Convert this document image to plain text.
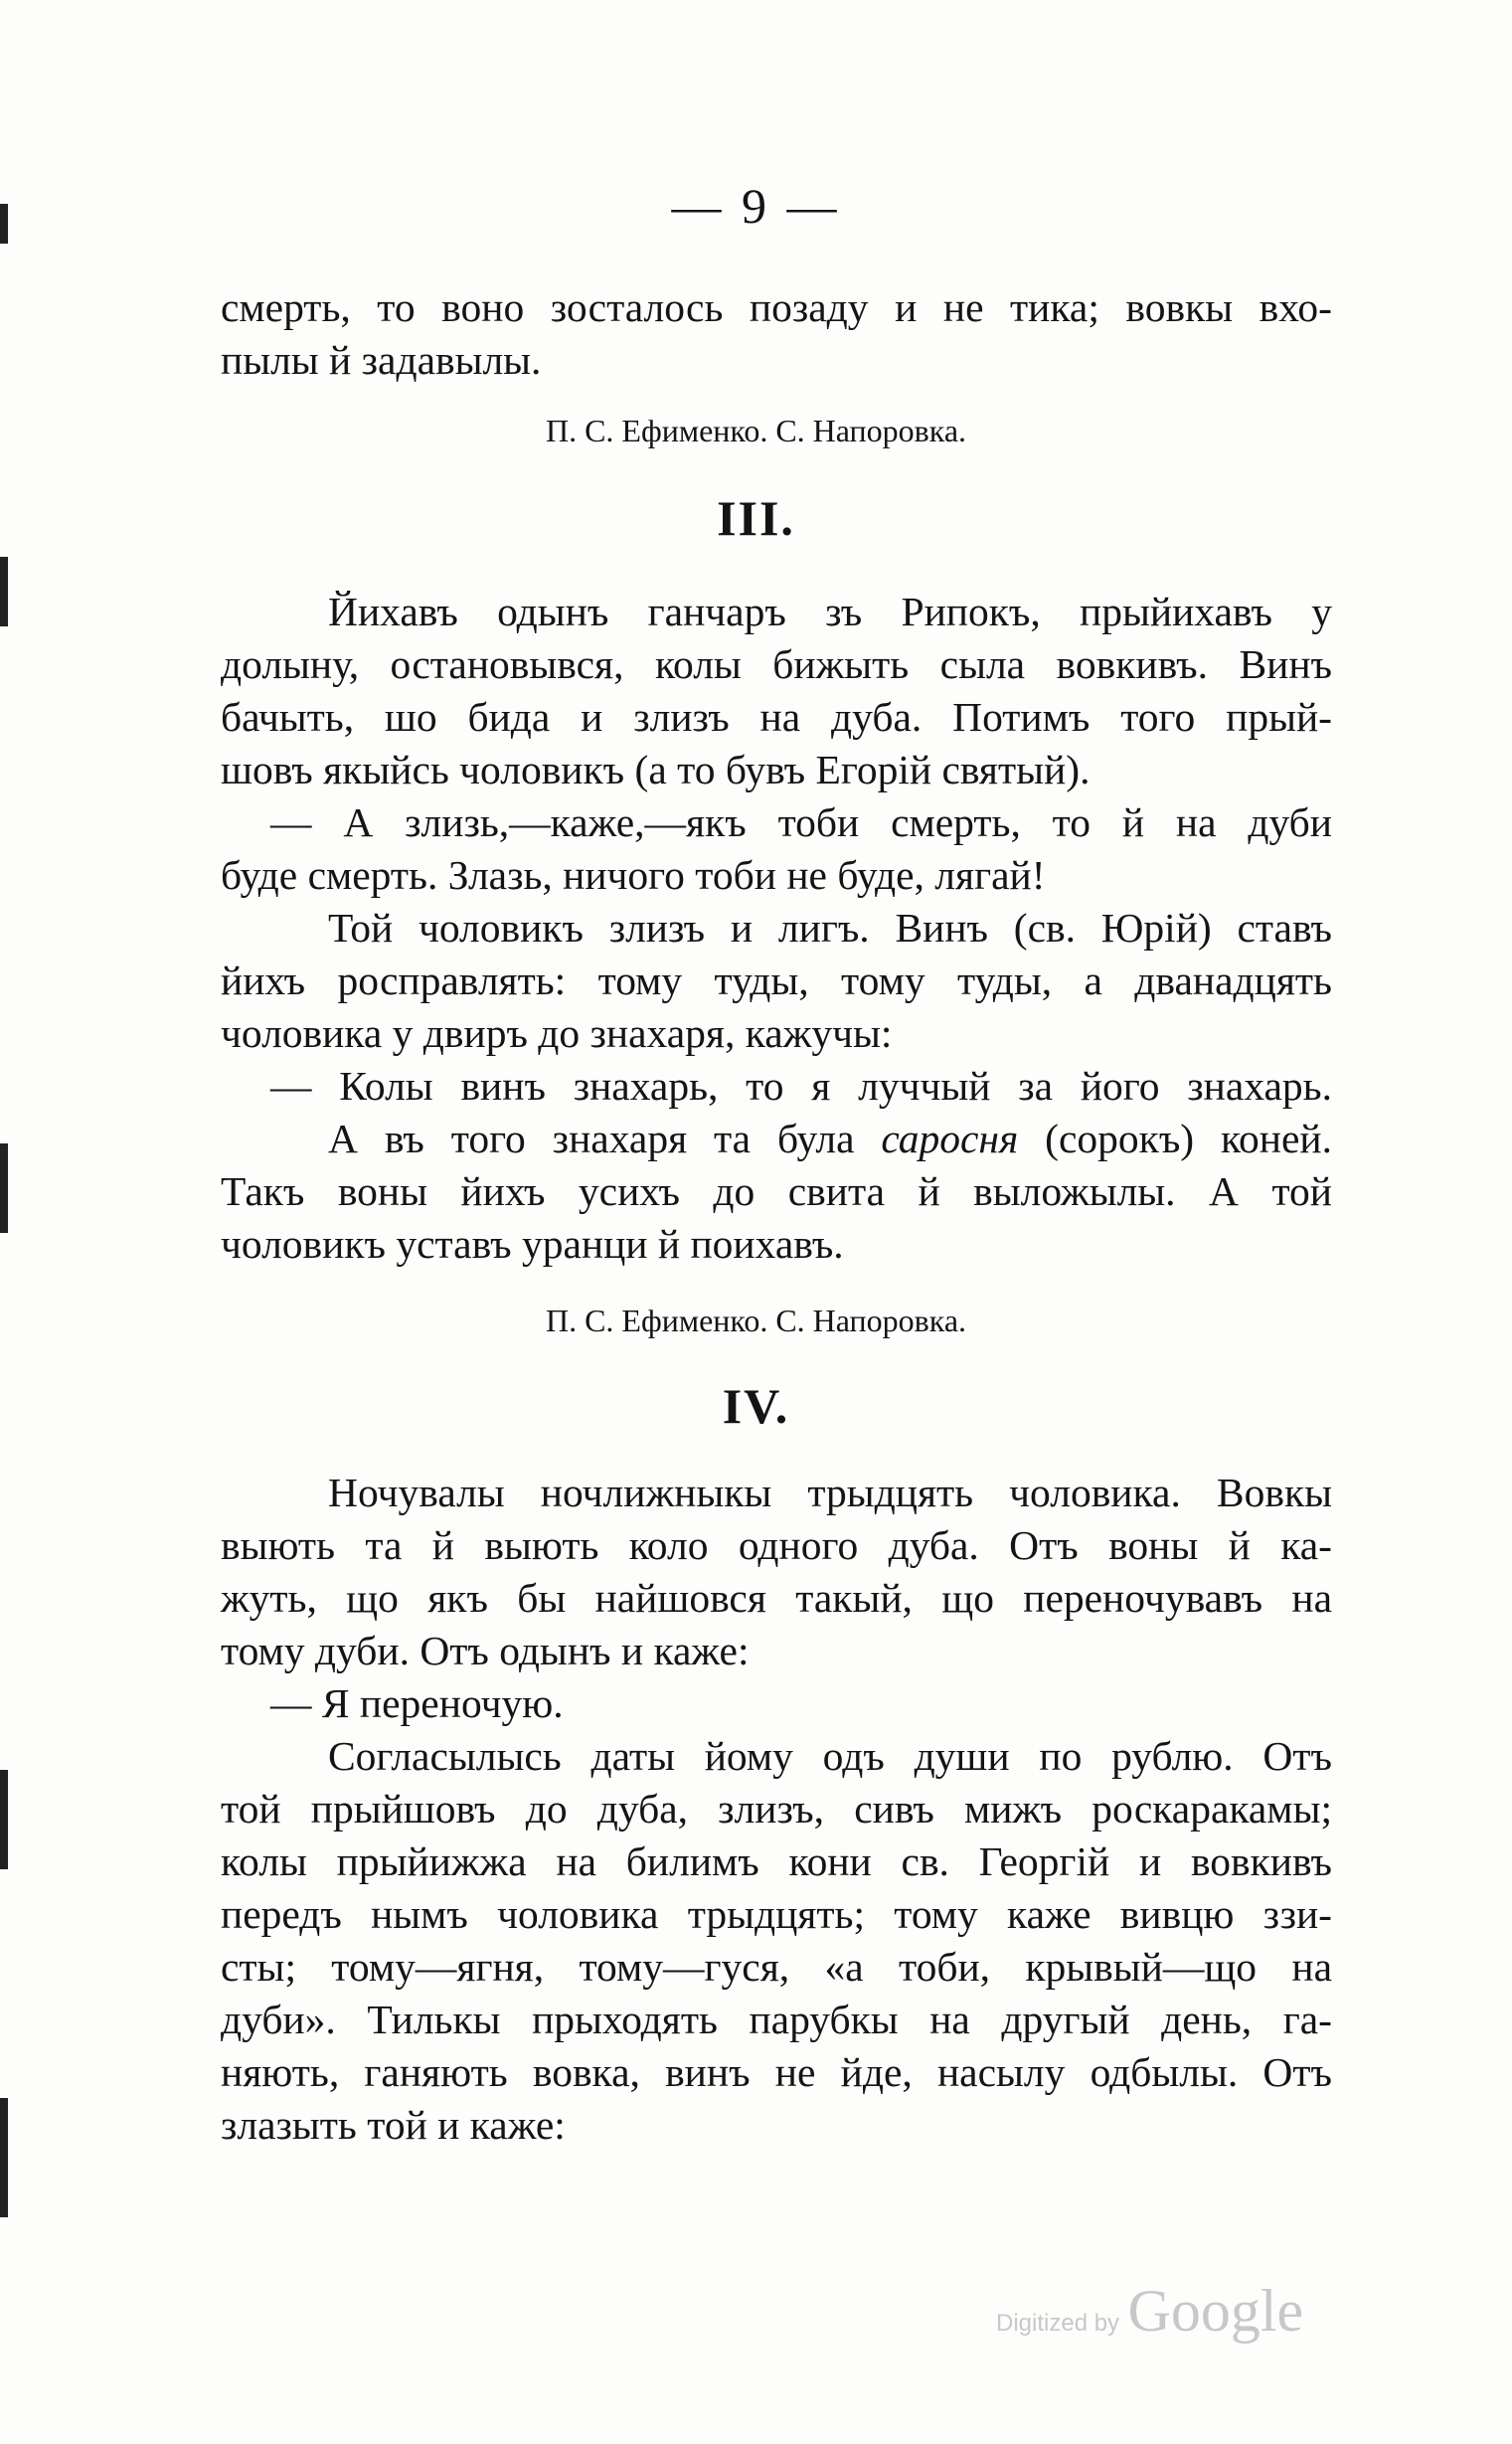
— 9 —

смерть, то воно зосталось позаду и не тика; вовкы вхо-

пылы й задавылы.

П. С. Ефименко. С. Напоровка.
III.

Йихавъ одынъ ганчаръ зъ Рипокъ, прыйихавъ у

долыну, остановывся, колы бижыть сыла вовкивъ. Винъ

бачыть, шо бида и злизъ на дуба. Потимъ того прый-

шовъ якыйсь чоловикъ (а то бувъ Егорій святый).

— А злизь,—каже,—якъ тоби смерть, то й на дуби

буде смерть. Злазь, ничого тоби не буде, лягай!

Той чоловикъ злизъ и лигъ. Винъ (св. Юрій) ставъ

йихъ росправлять: тому туды, тому туды, а дванадцять

чоловика у двиръ до знахаря, кажучы:

— Колы винъ знахарь, то я луччый за його знахарь.

А въ того знахаря та була саросня (сорокъ) коней.

Такъ воны йихъ усихъ до свита й выложылы. А той

чоловикъ уставъ уранци й поихавъ.

П. С. Ефименко. С. Напоровка.
IV.

Ночувалы ночлижныкы трыдцять чоловика. Вовкы

выють та й выють коло одного дуба. Отъ воны й ка-

жуть, що якъ бы найшовся такый, що переночувавъ на

тому дуби. Отъ одынъ и каже:

— Я переночую.

Согласылысь даты йому одъ души по рублю. Отъ

той прыйшовъ до дуба, злизъ, сивъ мижъ роскаракамы;

колы прыйижжа на билимъ кони св. Георгій и вовкивъ

передъ нымъ чоловика трыдцять; тому каже вивцю ззи-

сты; тому—ягня, тому—гуся, «а тоби, крывый—що на

дуби». Тилькы прыходять парубкы на другый день, га-

няють, ганяють вовка, винъ не йде, насылу одбылы. Отъ

злазыть той и каже:

Digitized by Google
